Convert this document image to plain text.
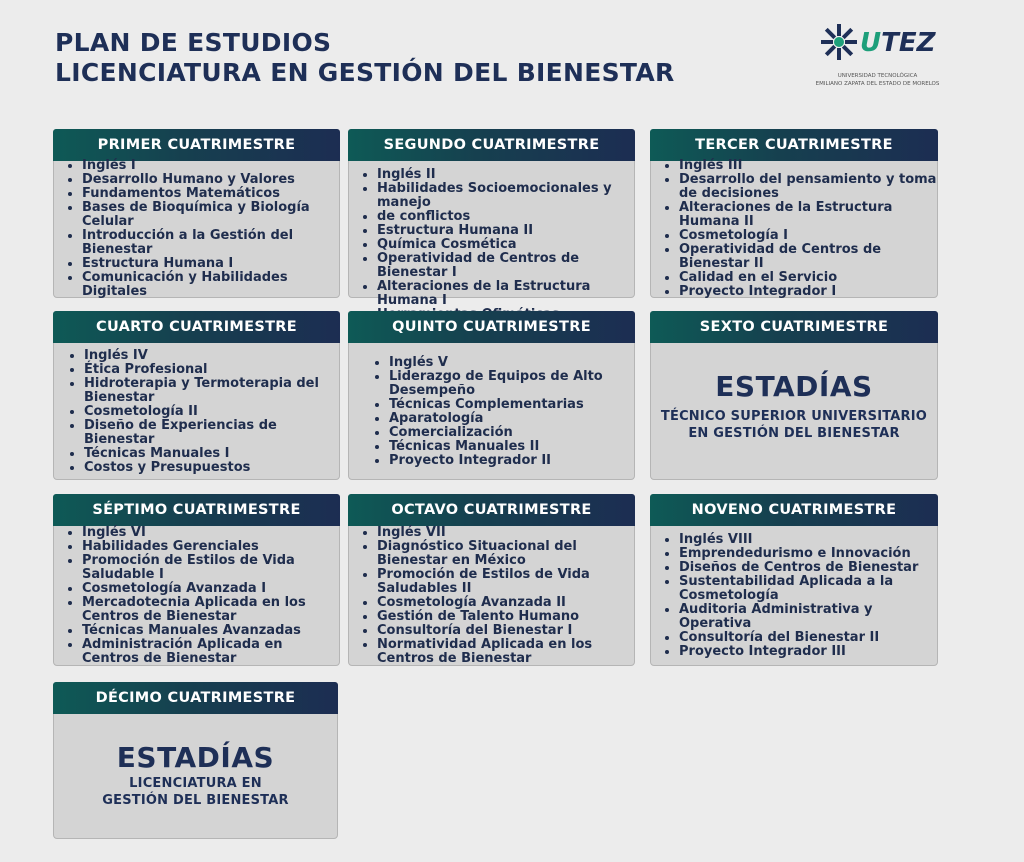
PLAN DE ESTUDIOS
LICENCIATURA EN GESTIÓN DEL BIENESTAR
UTEZ
UNIVERSIDAD TECNOLÓGICA
EMILIANO ZAPATA DEL ESTADO DE MORELOS
PRIMER CUATRIMESTRE
• Inglés I
• Desarrollo Humano y Valores
• Fundamentos Matemáticos
• Bases de Bioquímica y Biología Celular
• Introducción a la Gestión del Bienestar
• Estructura Humana I
• Comunicación y Habilidades Digitales
SEGUNDO CUATRIMESTRE
• Inglés II
• Habilidades Socioemocionales y manejo
• de conflictos
• Estructura Humana II
• Química Cosmética
• Operatividad de Centros de Bienestar I
• Alteraciones de la Estructura Humana I
•
TERCER CUATRIMESTRE
• Inglés III
• Desarrollo del pensamiento y toma de decisiones
• Alteraciones de la Estructura Humana II
• Cosmetología I
• Operatividad de Centros de Bienestar II
• Calidad en el Servicio
• Proyecto Integrador I
CUARTO CUATRIMESTRE
• Inglés IV
• Ética Profesional
• Hidroterapia y Termoterapia del Bienestar
• Cosmetología II
• Diseño de Experiencias de Bienestar
• Técnicas Manuales I
• Costos y Presupuestos
QUINTO CUATRIMESTRE
• Inglés V
• Liderazgo de Equipos de Alto Desempeño
• Técnicas Complementarias
• Aparatología
• Comercialización
• Técnicas Manuales II
• Proyecto Integrador II
SEXTO CUATRIMESTRE
ESTADÍAS
TÉCNICO SUPERIOR UNIVERSITARIO
EN GESTIÓN DEL BIENESTAR
SÉPTIMO CUATRIMESTRE
• Inglés VI
• Habilidades Gerenciales
• Promoción de Estilos de Vida Saludable I
• Cosmetología Avanzada I
• Mercadotecnia Aplicada en los Centros de Bienestar
• Técnicas Manuales Avanzadas
• Administración Aplicada en Centros de Bienestar
OCTAVO CUATRIMESTRE
• Inglés VII
• Diagnóstico Situacional del Bienestar en México
• Promoción de Estilos de Vida Saludables II
• Cosmetología Avanzada II
• Gestión de Talento Humano
• Consultoría del Bienestar I
• Normatividad Aplicada en los Centros de Bienestar
NOVENO CUATRIMESTRE
• Inglés VIII
• Emprendedurismo e Innovación
• Diseños de Centros de Bienestar
• Sustentabilidad Aplicada a la Cosmetología
• Auditoria Administrativa y Operativa
• Consultoría del Bienestar II
• Proyecto Integrador III
DÉCIMO CUATRIMESTRE
ESTADÍAS
LICENCIATURA EN
GESTIÓN DEL BIENESTAR
